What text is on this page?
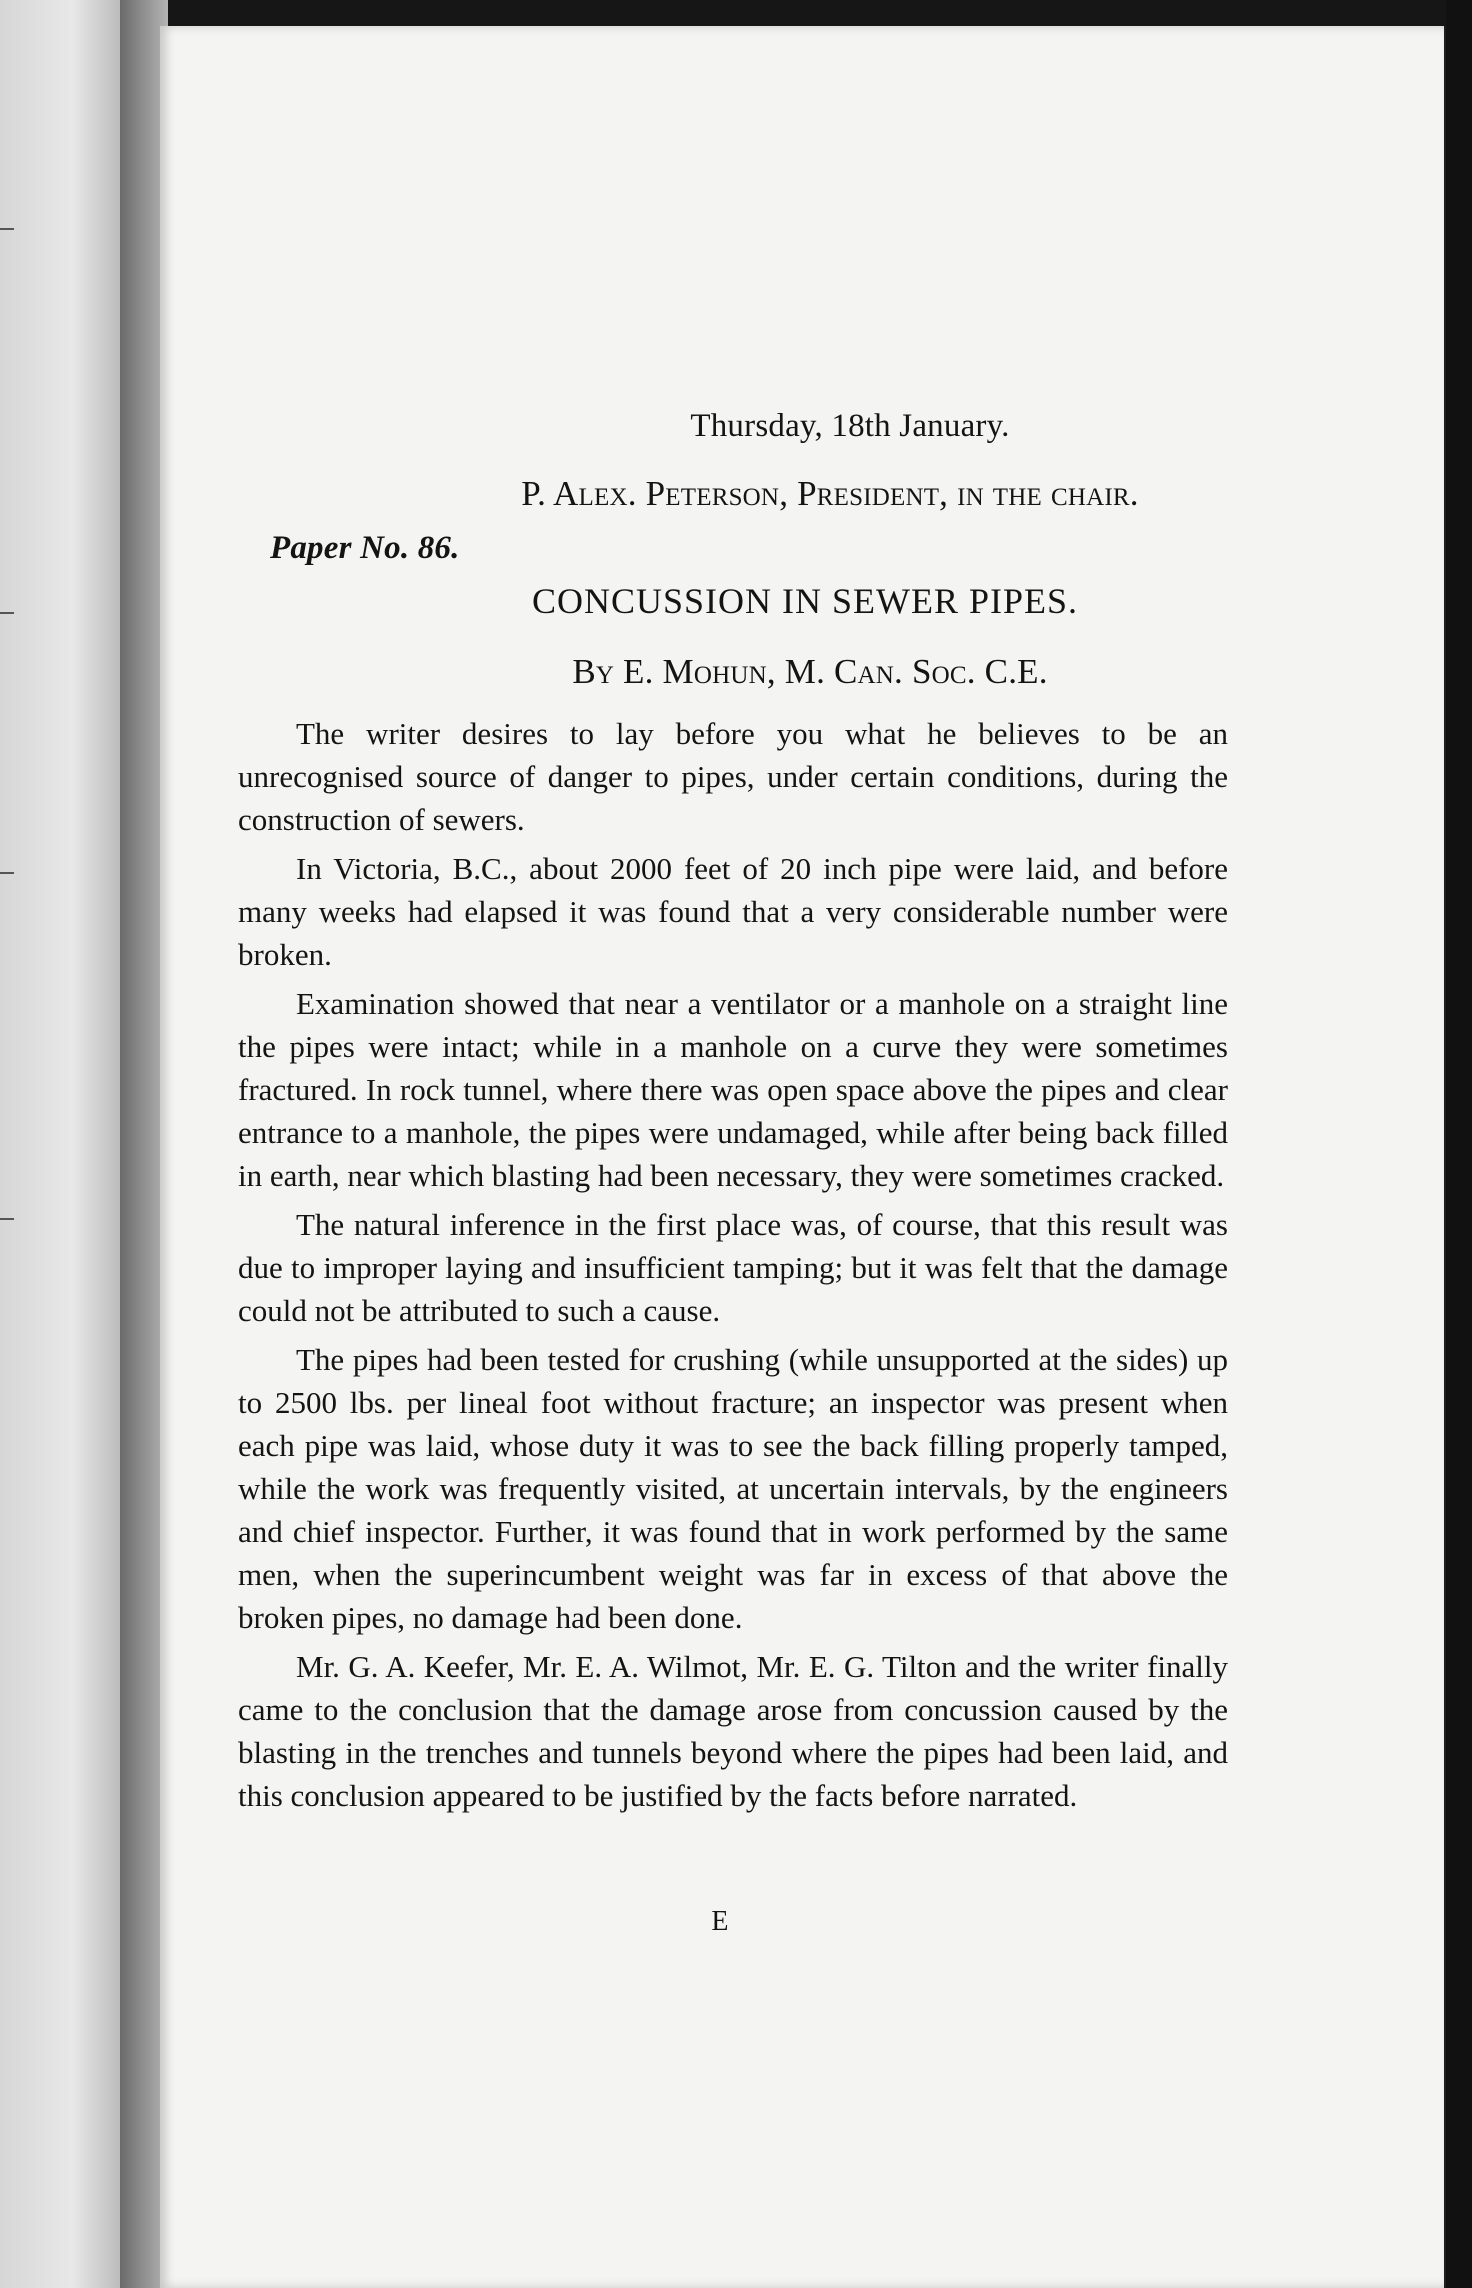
Thursday, 18th January.
P. Alex. Peterson, President, in the chair.
Paper No. 86.
CONCUSSION IN SEWER PIPES.
By E. Mohun, M. Can. Soc. C.E.

The writer desires to lay before you what he believes to be an unrecognised source of danger to pipes, under certain conditions, during the construction of sewers.

In Victoria, B.C., about 2000 feet of 20 inch pipe were laid, and before many weeks had elapsed it was found that a very considerable number were broken.

Examination showed that near a ventilator or a manhole on a straight line the pipes were intact; while in a manhole on a curve they were sometimes fractured. In rock tunnel, where there was open space above the pipes and clear entrance to a manhole, the pipes were undamaged, while after being back filled in earth, near which blasting had been necessary, they were sometimes cracked.

The natural inference in the first place was, of course, that this result was due to improper laying and insufficient tamping; but it was felt that the damage could not be attributed to such a cause.

The pipes had been tested for crushing (while unsupported at the sides) up to 2500 lbs. per lineal foot without fracture; an inspector was present when each pipe was laid, whose duty it was to see the back filling properly tamped, while the work was frequently visited, at uncertain intervals, by the engineers and chief inspector. Further, it was found that in work performed by the same men, when the superincumbent weight was far in excess of that above the broken pipes, no damage had been done.

Mr. G. A. Keefer, Mr. E. A. Wilmot, Mr. E. G. Tilton and the writer finally came to the conclusion that the damage arose from concussion caused by the blasting in the trenches and tunnels beyond where the pipes had been laid, and this conclusion appeared to be justified by the facts before narrated.

E
